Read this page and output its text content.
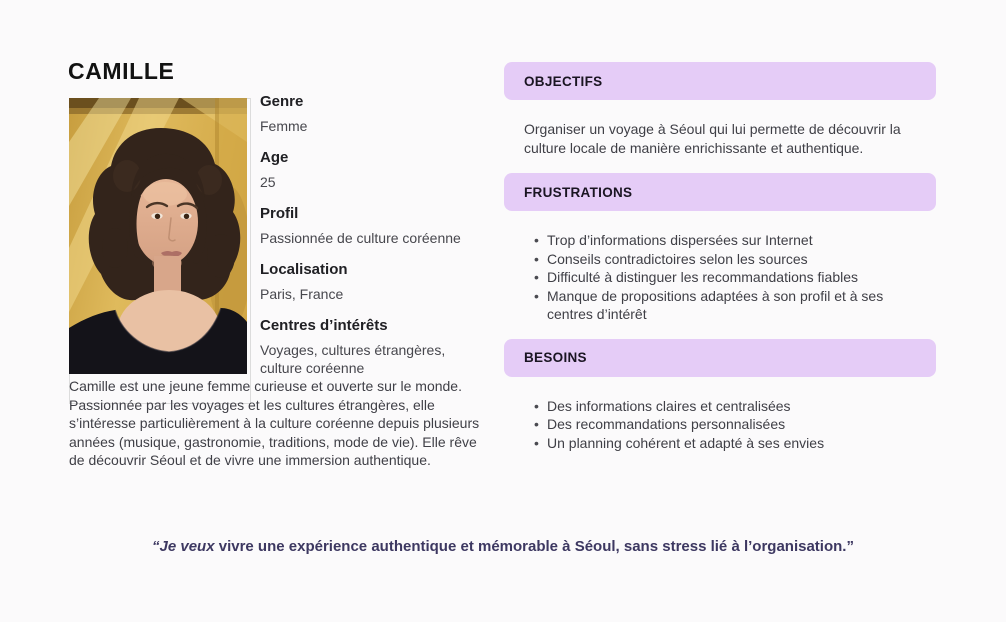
CAMILLE
Genre
Femme
Age
25
Profil
Passionnée de culture coréenne
Localisation
Paris, France
Centres d’intérêts
Voyages, cultures étrangères, culture coréenne

Camille est une jeune femme curieuse et ouverte sur le monde. Passionnée par les voyages et les cultures étrangères, elle s’intéresse particulièrement à la culture coréenne depuis plusieurs années (musique, gastronomie, traditions, mode de vie). Elle rêve de découvrir Séoul et de vivre une immersion authentique.

OBJECTIFS

Organiser un voyage à Séoul qui lui permette de découvrir la culture locale de manière enrichissante et authentique.

FRUSTRATIONS
• Trop d’informations dispersées sur Internet
• Conseils contradictoires selon les sources
• Difficulté à distinguer les recommandations fiables
• Manque de propositions adaptées à son profil et à ses centres d’intérêt
BESOINS
• Des informations claires et centralisées
• Des recommandations personnalisées
• Un planning cohérent et adapté à ses envies

“Je veux vivre une expérience authentique et mémorable à Séoul, sans stress lié à l’organisation.”
